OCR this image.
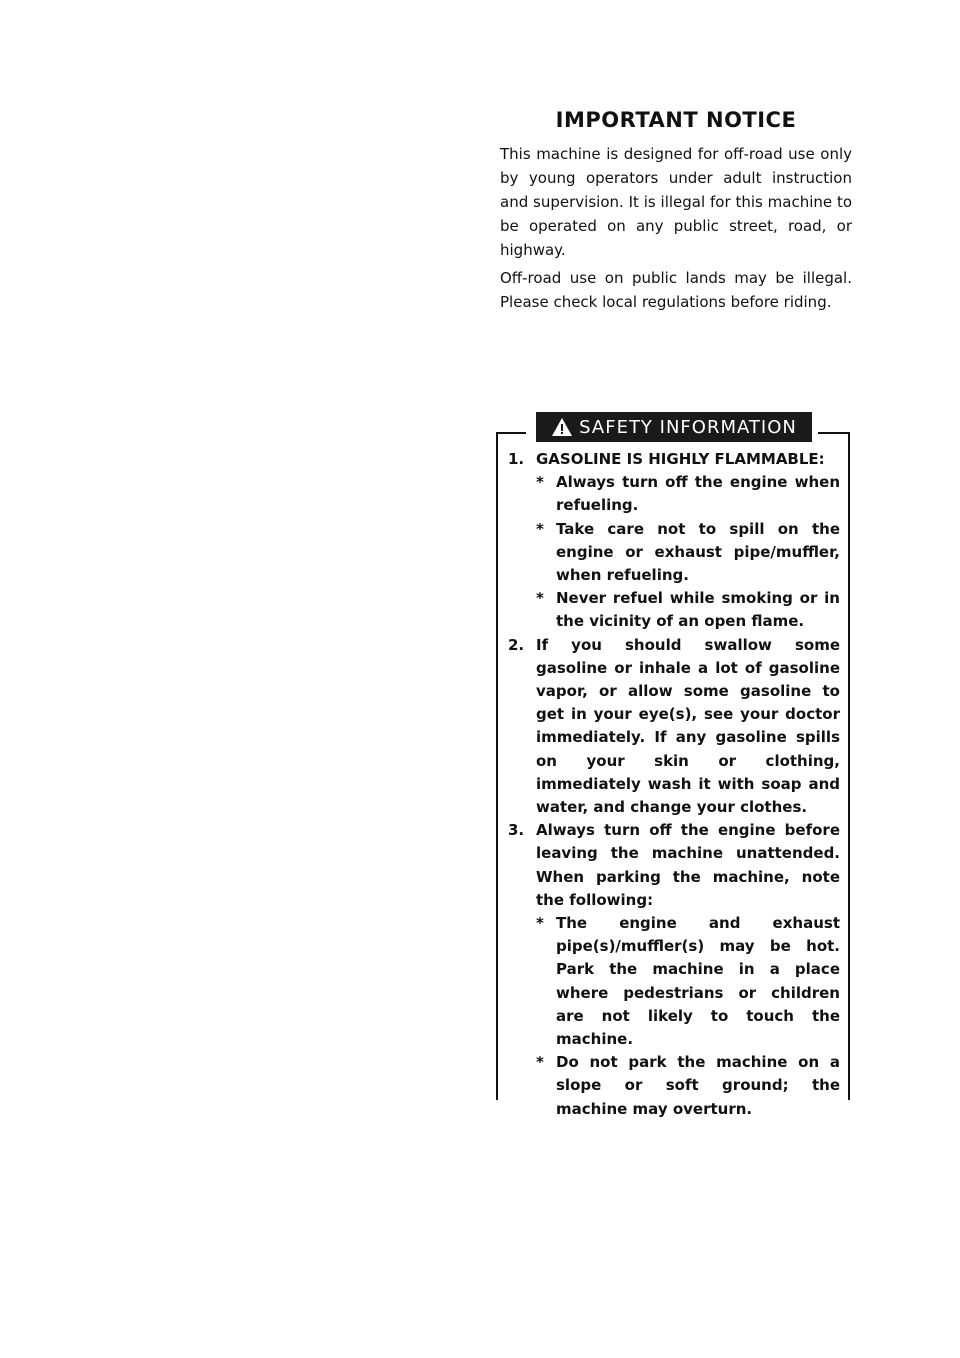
IMPORTANT NOTICE

This machine is designed for off-road use only by young operators under adult instruction and supervision. It is illegal for this machine to be operated on any public street, road, or highway.

Off-road use on public lands may be illegal. Please check local regulations before riding.

SAFETY INFORMATION
1. GASOLINE IS HIGHLY FLAMMABLE:

* Always turn off the engine when refueling.
* Take care not to spill on the engine or exhaust pipe/muffler, when refueling.
* Never refuel while smoking or in the vicinity of an open flame.
2. If you should swallow some gasoline or inhale a lot of gasoline vapor, or allow some gasoline to get in your eye(s), see your doctor immediately. If any gasoline spills on your skin or clothing, immediately wash it with soap and water, and change your clothes.

3. Always turn off the engine before leaving the machine unattended. When parking the machine, note the following:

* The engine and exhaust pipe(s)/muffler(s) may be hot. Park the machine in a place where pedestrians or children are not likely to touch the machine.
* Do not park the machine on a slope or soft ground; the machine may overturn.
